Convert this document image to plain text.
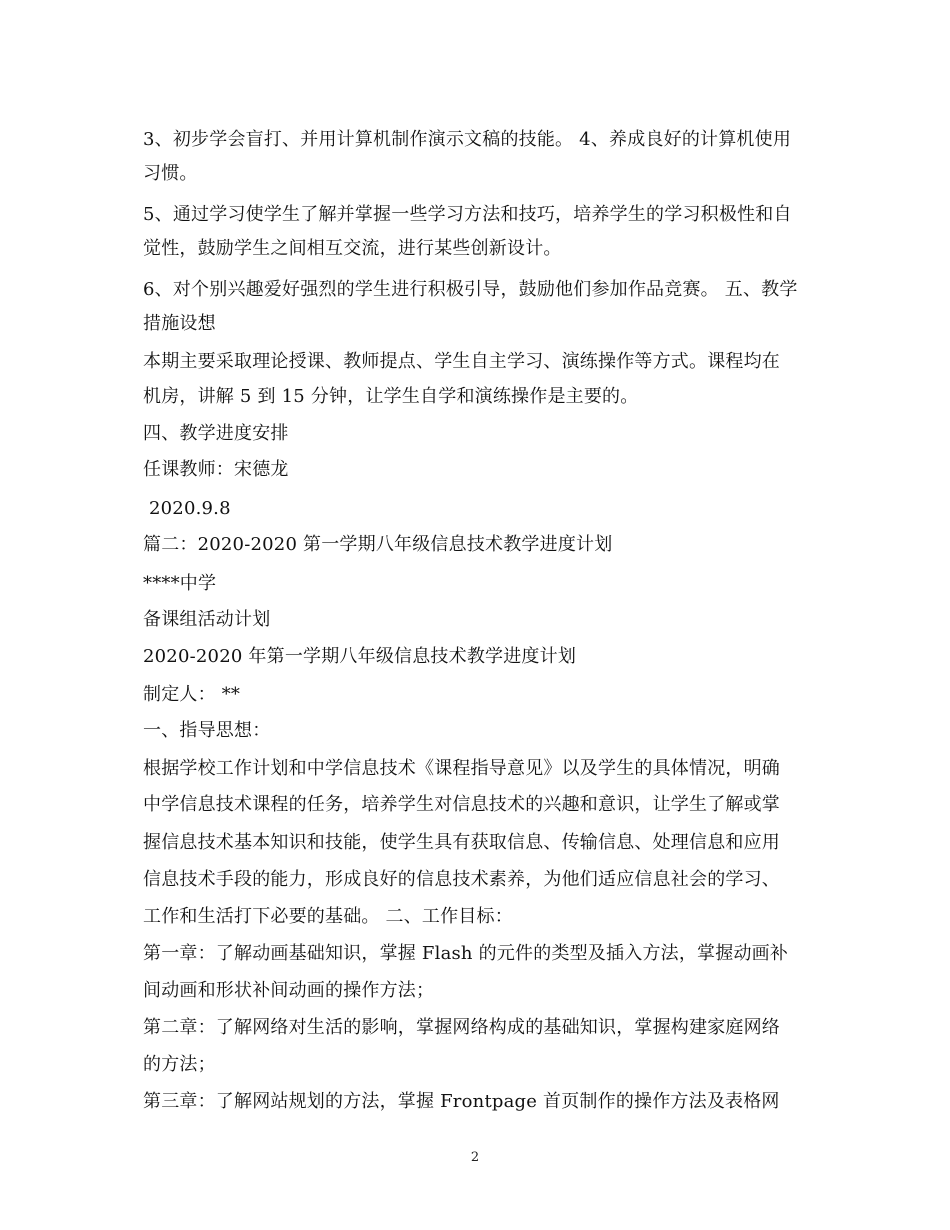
3、初步学会盲打、并用计算机制作演示文稿的技能。 4、养成良好的计算机使用
习惯。
5、通过学习使学生了解并掌握一些学习方法和技巧，培养学生的学习积极性和自
觉性，鼓励学生之间相互交流，进行某些创新设计。
6、对个别兴趣爱好强烈的学生进行积极引导，鼓励他们参加作品竞赛。 五、教学
措施设想
本期主要采取理论授课、教师提点、学生自主学习、演练操作等方式。课程均在
机房，讲解 5 到 15 分钟，让学生自学和演练操作是主要的。
四、教学进度安排
任课教师：宋德龙
2020.9.8
篇二：2020-2020 第一学期八年级信息技术教学进度计划
****中学
备课组活动计划
2020-2020 年第一学期八年级信息技术教学进度计划
制定人： **
一、指导思想：
根据学校工作计划和中学信息技术《课程指导意见》以及学生的具体情况，明确
中学信息技术课程的任务，培养学生对信息技术的兴趣和意识，让学生了解或掌
握信息技术基本知识和技能，使学生具有获取信息、传输信息、处理信息和应用
信息技术手段的能力，形成良好的信息技术素养，为他们适应信息社会的学习、
工作和生活打下必要的基础。 二、工作目标：
第一章：了解动画基础知识，掌握 Flash 的元件的类型及插入方法，掌握动画补
间动画和形状补间动画的操作方法；
第二章：了解网络对生活的影响，掌握网络构成的基础知识，掌握构建家庭网络
的方法；
第三章：了解网站规划的方法，掌握 Frontpage 首页制作的操作方法及表格网
2
